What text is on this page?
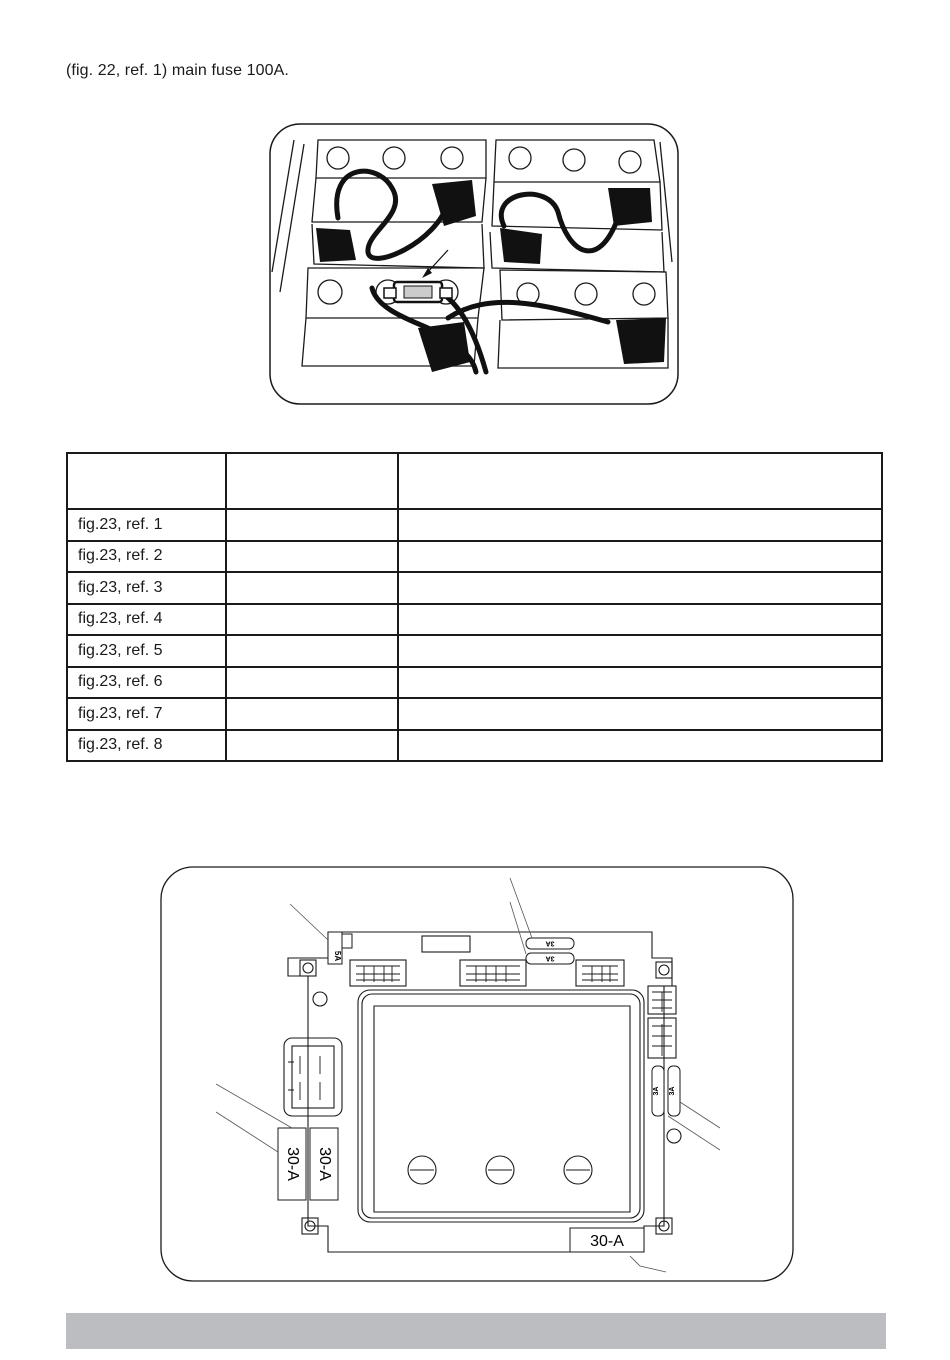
(fig. 22, ref. 1) main fuse 100A.

fig.23, ref. 1		
fig.23, ref. 2		
fig.23, ref. 3		
fig.23, ref. 4		
fig.23, ref. 5		
fig.23, ref. 6		
fig.23, ref. 7		
fig.23, ref. 8		
5A
3A
3A
3A 3A
30-A 30-A
30-A
